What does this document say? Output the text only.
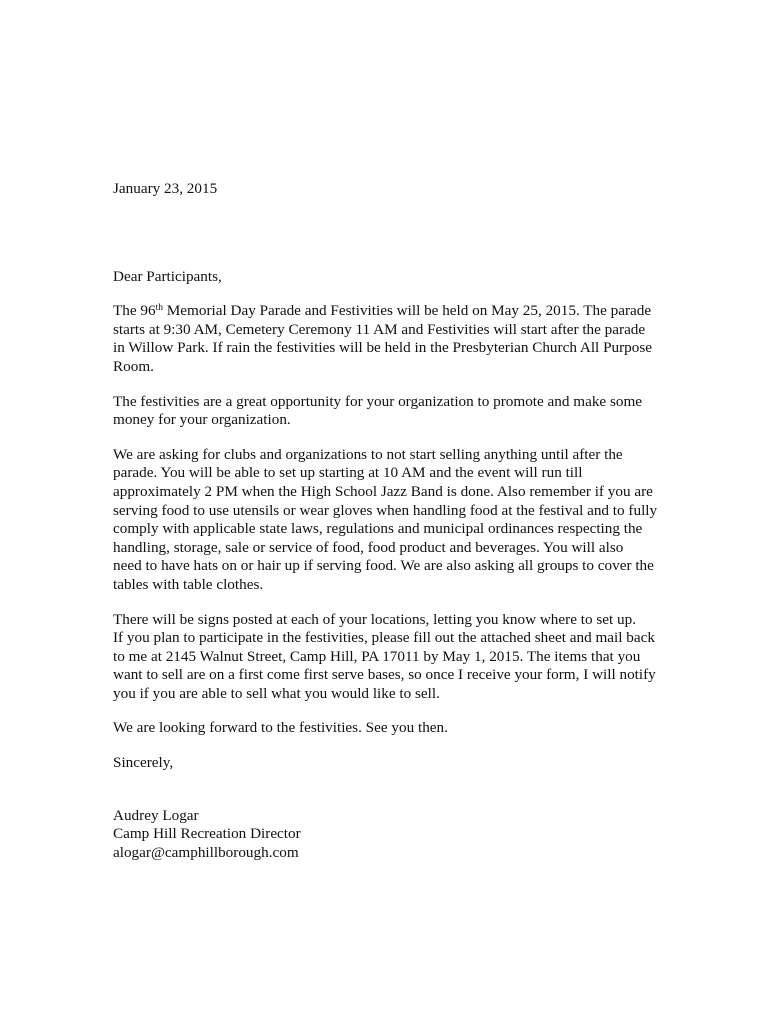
January 23, 2015
Dear Participants,
The 96th Memorial Day Parade and Festivities will be held on May 25, 2015. The parade
starts at 9:30 AM, Cemetery Ceremony 11 AM and Festivities will start after the parade
in Willow Park. If rain the festivities will be held in the Presbyterian Church All Purpose
Room.
The festivities are a great opportunity for your organization to promote and make some
money for your organization.
We are asking for clubs and organizations to not start selling anything until after the
parade. You will be able to set up starting at 10 AM and the event will run till
approximately 2 PM when the High School Jazz Band is done. Also remember if you are
serving food to use utensils or wear gloves when handling food at the festival and to fully
comply with applicable state laws, regulations and municipal ordinances respecting the
handling, storage, sale or service of food, food product and beverages. You will also
need to have hats on or hair up if serving food. We are also asking all groups to cover the
tables with table clothes.
There will be signs posted at each of your locations, letting you know where to set up.
If you plan to participate in the festivities, please fill out the attached sheet and mail back
to me at 2145 Walnut Street, Camp Hill, PA 17011 by May 1, 2015. The items that you
want to sell are on a first come first serve bases, so once I receive your form, I will notify
you if you are able to sell what you would like to sell.
We are looking forward to the festivities. See you then.
Sincerely,
Audrey Logar
Camp Hill Recreation Director
alogar@camphillborough.com
